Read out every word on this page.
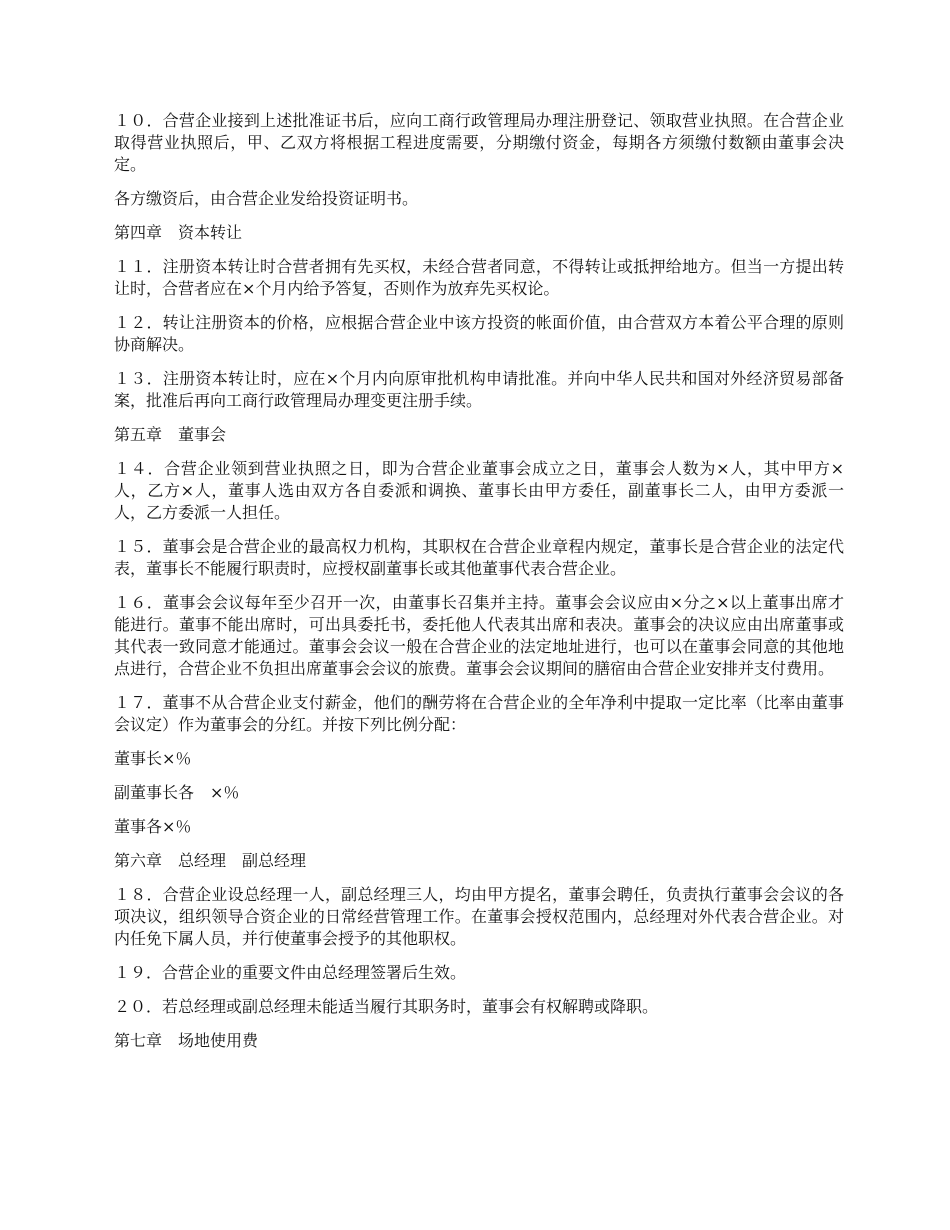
１０．合营企业接到上述批准证书后，应向工商行政管理局办理注册登记、领取营业执照。在合营企业取得营业执照后，甲、乙双方将根据工程进度需要，分期缴付资金，每期各方须缴付数额由董事会决定。

各方缴资后，由合营企业发给投资证明书。

第四章　资本转让

１１．注册资本转让时合营者拥有先买权，未经合营者同意，不得转让或抵押给地方。但当一方提出转让时，合营者应在×个月内给予答复，否则作为放弃先买权论。

１２．转让注册资本的价格，应根据合营企业中该方投资的帐面价值，由合营双方本着公平合理的原则协商解决。

１３．注册资本转让时，应在×个月内向原审批机构申请批准。并向中华人民共和国对外经济贸易部备案，批准后再向工商行政管理局办理变更注册手续。

第五章　董事会

１４．合营企业领到营业执照之日，即为合营企业董事会成立之日，董事会人数为×人，其中甲方×人，乙方×人，董事人选由双方各自委派和调换、董事长由甲方委任，副董事长二人，由甲方委派一人，乙方委派一人担任。

１５．董事会是合营企业的最高权力机构，其职权在合营企业章程内规定，董事长是合营企业的法定代表，董事长不能履行职责时，应授权副董事长或其他董事代表合营企业。

１６．董事会会议每年至少召开一次，由董事长召集并主持。董事会会议应由×分之×以上董事出席才能进行。董事不能出席时，可出具委托书，委托他人代表其出席和表决。董事会的决议应由出席董事或其代表一致同意才能通过。董事会会议一般在合营企业的法定地址进行，也可以在董事会同意的其他地点进行，合营企业不负担出席董事会会议的旅费。董事会会议期间的膳宿由合营企业安排并支付费用。

１７．董事不从合营企业支付薪金，他们的酬劳将在合营企业的全年净利中提取一定比率（比率由董事会议定）作为董事会的分红。并按下列比例分配：

董事长×％

副董事长各　×％

董事各×％

第六章　总经理　副总经理

１８．合营企业设总经理一人，副总经理三人，均由甲方提名，董事会聘任，负责执行董事会会议的各项决议，组织领导合资企业的日常经营管理工作。在董事会授权范围内，总经理对外代表合营企业。对内任免下属人员，并行使董事会授予的其他职权。

１９．合营企业的重要文件由总经理签署后生效。

２０．若总经理或副总经理未能适当履行其职务时，董事会有权解聘或降职。

第七章　场地使用费
